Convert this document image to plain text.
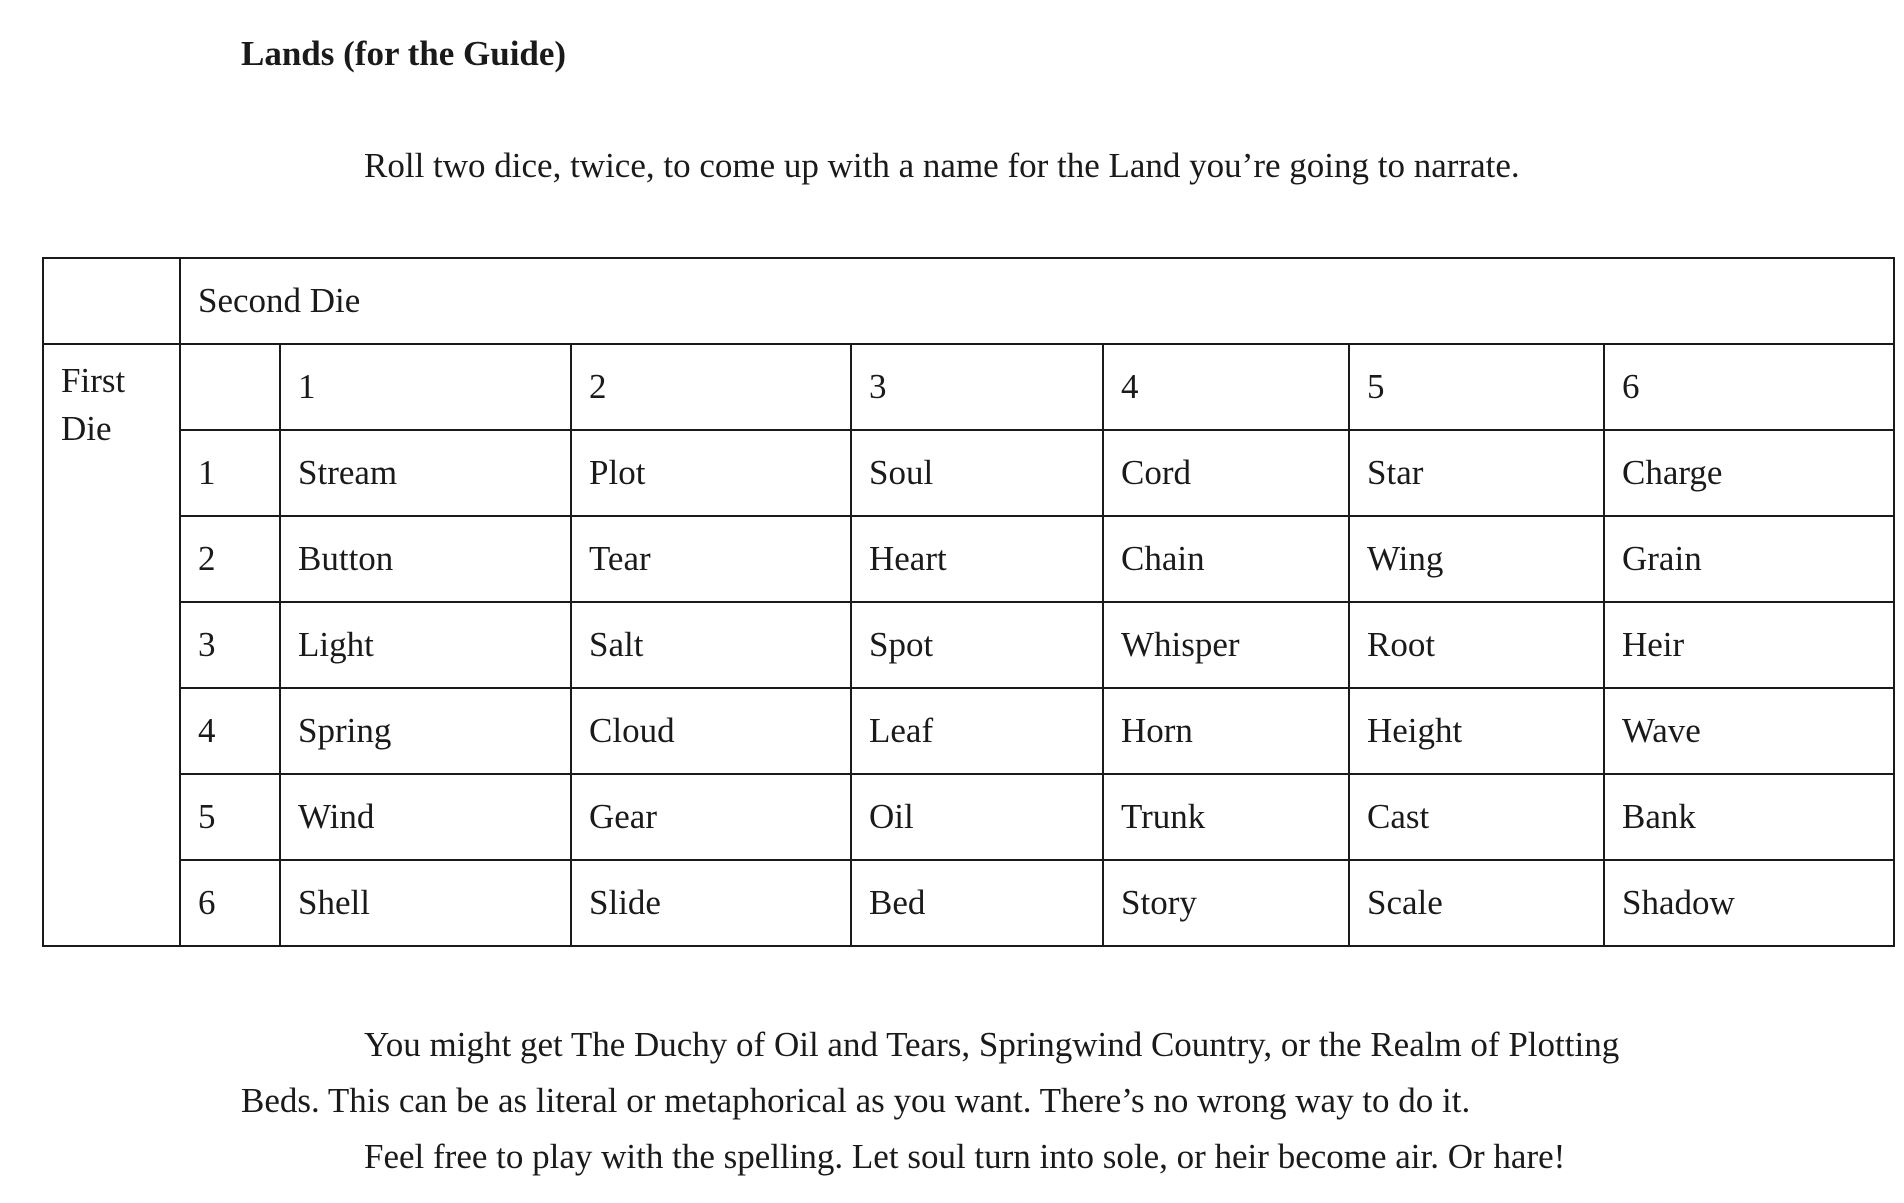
Lands (for the Guide)

Roll two dice, twice, to come up with a name for the Land you’re going to narrate.

	Second Die						
First Die		1	2	3	4	5	6
	1	Stream	Plot	Soul	Cord	Star	Charge
	2	Button	Tear	Heart	Chain	Wing	Grain
	3	Light	Salt	Spot	Whisper	Root	Heir
	4	Spring	Cloud	Leaf	Horn	Height	Wave
	5	Wind	Gear	Oil	Trunk	Cast	Bank
	6	Shell	Slide	Bed	Story	Scale	Shadow

You might get The Duchy of Oil and Tears, Springwind Country, or the Realm of Plotting
Beds. This can be as literal or metaphorical as you want. There’s no wrong way to do it.

Feel free to play with the spelling. Let soul turn into sole, or heir become air. Or hare!
